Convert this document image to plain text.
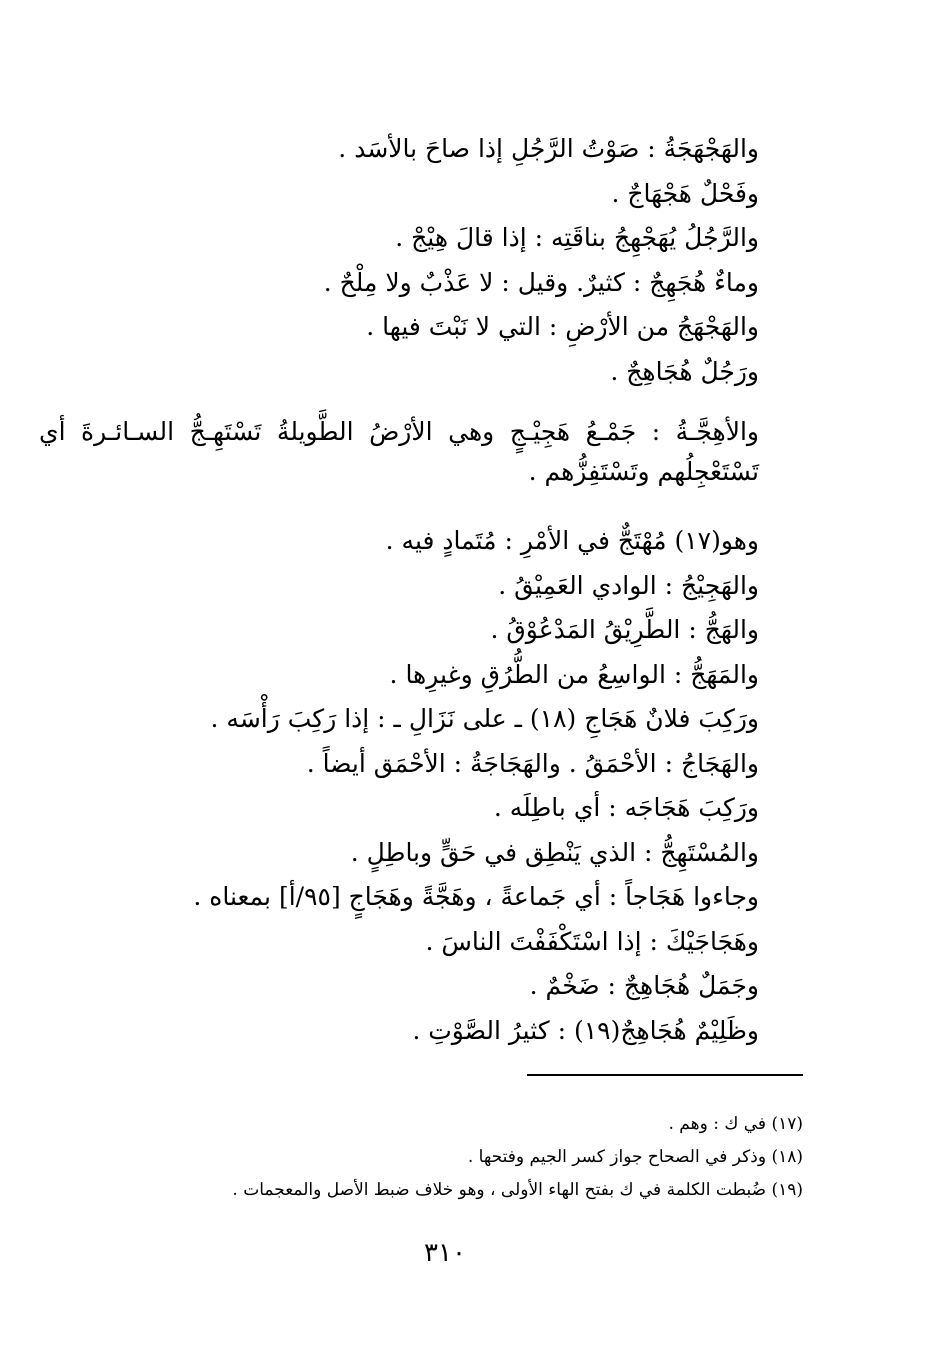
والهَجْهَجَةُ : صَوْتُ الرَّجُلِ إذا صاحَ بالأسَد .
وفَحْلٌ هَجْهَاجٌ .
والرَّجُلُ يُهَجْهِجُ بناقَتِه : إذا قالَ هِيْجْ .
وماءٌ هُجَهِجٌ : كثيرٌ. وقيل : لا عَذْبٌ ولا مِلْحٌ .
والهَجْهَجُ من الأرْضِ : التي لا نَبْتَ فيها .
ورَجُلٌ هُجَاهِجٌ .

والأهِجَّـةُ : جَمْـعُ هَجِيْـجٍ وهي الأرْضُ الطَّويلةُ تَسْتَهِـجُّ السـائـرةَ أي تَسْتَعْجِلُهم وتَسْتَفِزُّهم .

وهو(١٧) مُهْتَجٌّ في الأمْرِ : مُتَمادٍ فيه .
والهَجِيْجُ : الوادي العَمِيْقُ .
والهَجُّ : الطَّرِيْقُ المَدْعُوْقُ .
والمَهَجُّ : الواسِعُ من الطُّرُقِ وغيرِها .
ورَكِبَ فلانٌ هَجَاجِ (١٨) ـ على نَزَالِ ـ : إذا رَكِبَ رَأْسَه .
والهَجَاجُ : الأحْمَقُ . والهَجَاجَةُ : الأحْمَق أيضاً .
ورَكِبَ هَجَاجَه : أي باطِلَه .
والمُسْتَهِجُّ : الذي يَنْطِق في حَقٍّ وباطِلٍ .
وجاءوا هَجَاجاً : أي جَماعةً ، وهَجَّةً وهَجَاجٍ [٩٥/أ] بمعناه .
وهَجَاجَيْكَ : إذا اسْتَكْفَفْتَ الناسَ .
وجَمَلٌ هُجَاهِجٌ : ضَخْمٌ .
وظَلِيْمٌ هُجَاهِجٌ(١٩) : كثيرُ الصَّوْتِ .
(١٧) في ك : وهم .
(١٨) وذكر في الصحاح جواز كسر الجيم وفتحها .
(١٩) ضُبطت الكلمة في ك بفتح الهاء الأولى ، وهو خلاف ضبط الأصل والمعجمات .
٣١٠
